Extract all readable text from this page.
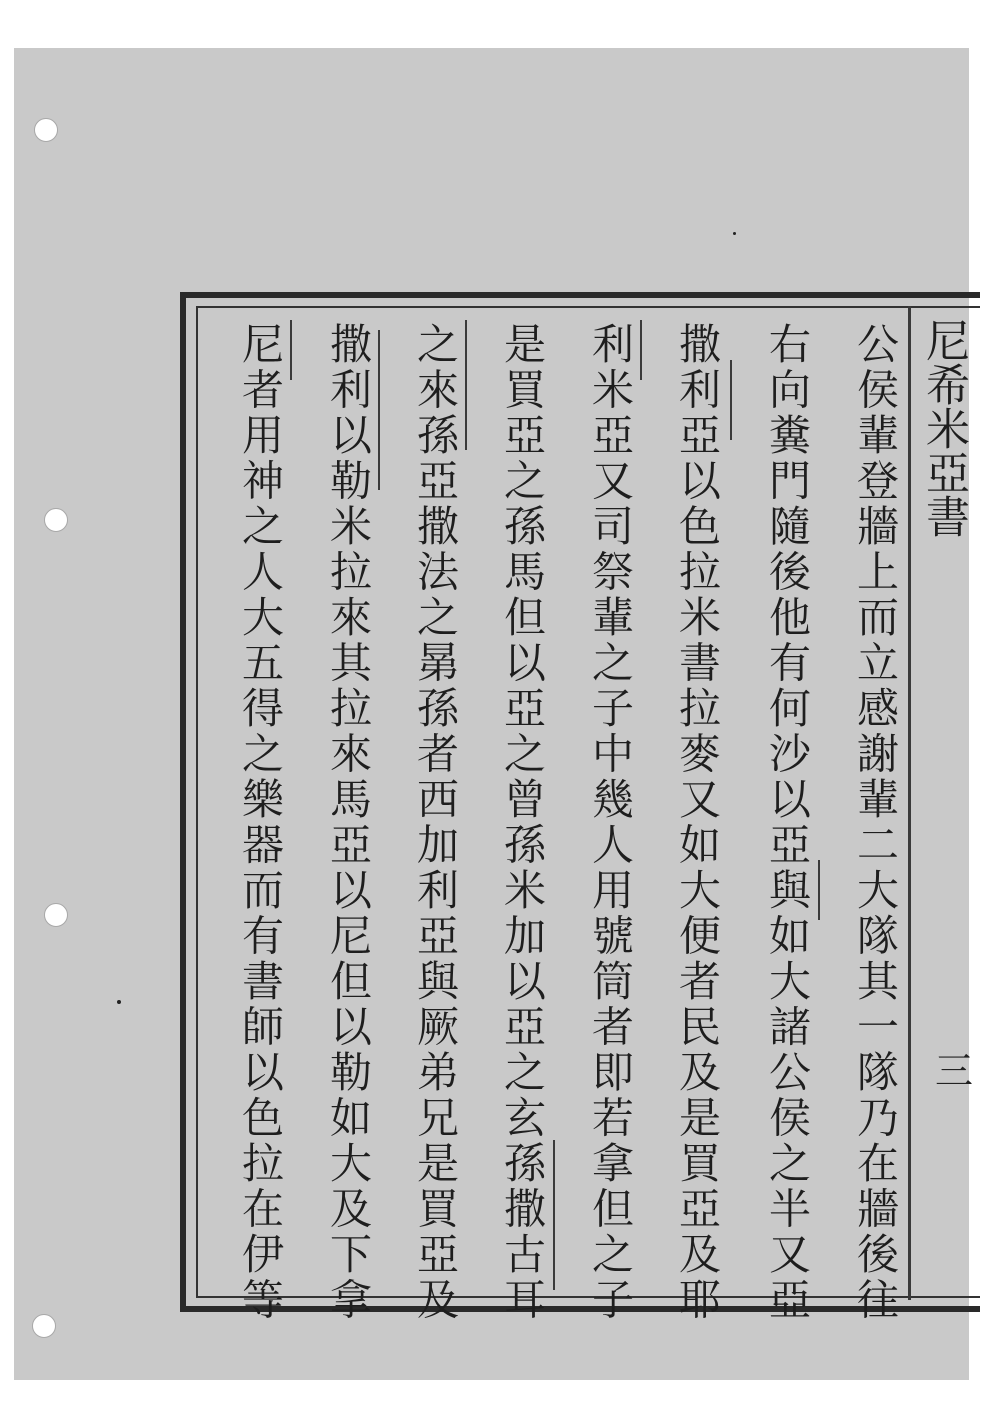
尼希米亞書
三
公侯輩登牆上而立感謝輩二大隊其一隊乃在牆後往
右向糞門隨後他有何沙以亞與如大諸公侯之半又亞
撒利亞以色拉米書拉麥又如大便者民及是買亞及耶
利米亞又司祭輩之子中幾人用號筒者即若拿但之子
是買亞之孫馬但以亞之曾孫米加以亞之玄孫撒古耳
之來孫亞撒法之晜孫者西加利亞與厥弟兄是買亞及
撒利以勒米拉來其拉來馬亞以尼但以勒如大及下拿
尼者用神之人大五得之樂器而有書師以色拉在伊等
